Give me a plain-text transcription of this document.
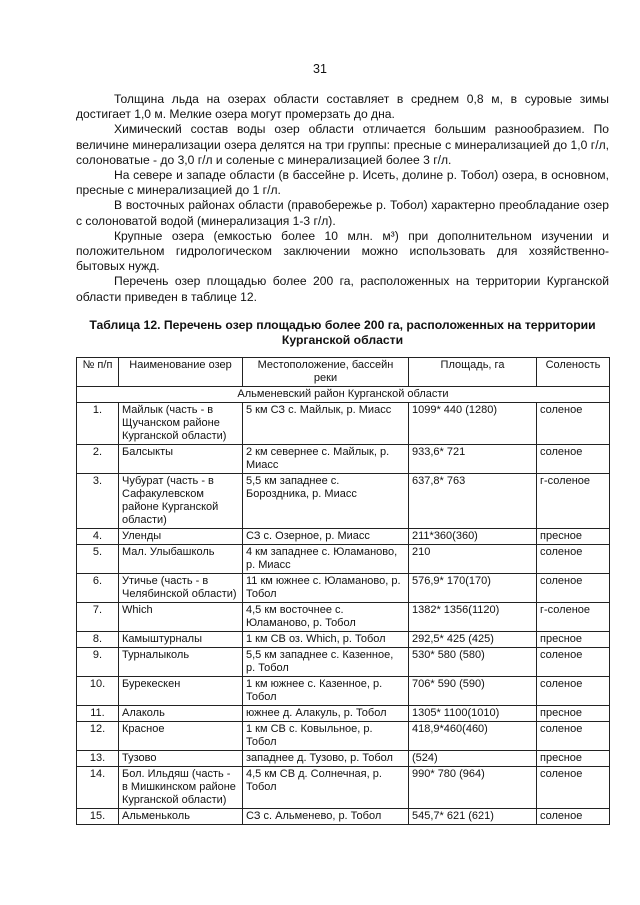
31

Толщина льда на озерах области составляет в среднем 0,8 м, в суровые зимы достигает 1,0 м. Мелкие озера могут промерзать до дна.

Химический состав воды озер области отличается большим разнообразием. По величине минерализации озера делятся на три группы: пресные с минерализацией до 1,0 г/л, солоноватые - до 3,0 г/л и соленые с минерализацией более 3 г/л.

На севере и западе области (в бассейне р. Исеть, долине р. Тобол) озера, в основном, пресные с минерализацией до 1 г/л.

В восточных районах области (правобережье р. Тобол) характерно преобладание озер с солоноватой водой (минерализация 1-3 г/л).

Крупные озера (емкостью более 10 млн. м³) при дополнительном изучении и положительном гидрологическом заключении можно использовать для хозяйственно-бытовых нужд.

Перечень озер площадью более 200 га, расположенных на территории Курганской области приведен в таблице 12.

Таблица 12. Перечень озер площадью более 200 га, расположенных на территории Курганской области
№ п/п	Наименование озер	Местоположение, бассейн реки	Площадь, га	Соленость
Альменевский район Курганской области				
1.	Майлык (часть - в Щучанском районе Курганской области)	5 км СЗ с. Майлык, р. Миасс	1099* 440 (1280)	соленое
2.	Балсыкты	2 км севернее с. Майлык, р. Миасс	933,6* 721	соленое
3.	Чубурат (часть - в Сафакулевском районе Курганской области)	5,5 км западнее с. Бороздника, р. Миасс	637,8* 763	г-соленое
4.	Уленды	СЗ с. Озерное, р. Миасс	211*360(360)	пресное
5.	Мал. Улыбашколь	4 км западнее с. Юламаново, р. Миасс	210	соленое
6.	Утичье (часть - в Челябинской области)	11 км южнее с. Юламаново, р. Тобол	576,9* 170(170)	соленое
7.	Which	4,5 км восточнее с. Юламаново, р. Тобол	1382* 1356(1120)	г-соленое
8.	Камыштурналы	1 км СВ оз. Which, р. Тобол	292,5* 425 (425)	пресное
9.	Турналыколь	5,5 км западнее с. Казенное, р. Тобол	530* 580 (580)	соленое
10.	Бурекескен	1 км южнее с. Казенное, р. Тобол	706* 590 (590)	соленое
11.	Алаколь	южнее д. Алакуль, р. Тобол	1305* 1100(1010)	пресное
12.	Красное	1 км СВ с. Ковыльное, р. Тобол	418,9*460(460)	соленое
13.	Тузово	западнее д. Тузово, р. Тобол	(524)	пресное
14.	Бол. Ильдяш (часть - в Мишкинском районе Курганской области)	4,5 км СВ д. Солнечная, р. Тобол	990* 780 (964)	соленое
15.	Альменьколь	СЗ с. Альменево, р. Тобол	545,7* 621 (621)	соленое
